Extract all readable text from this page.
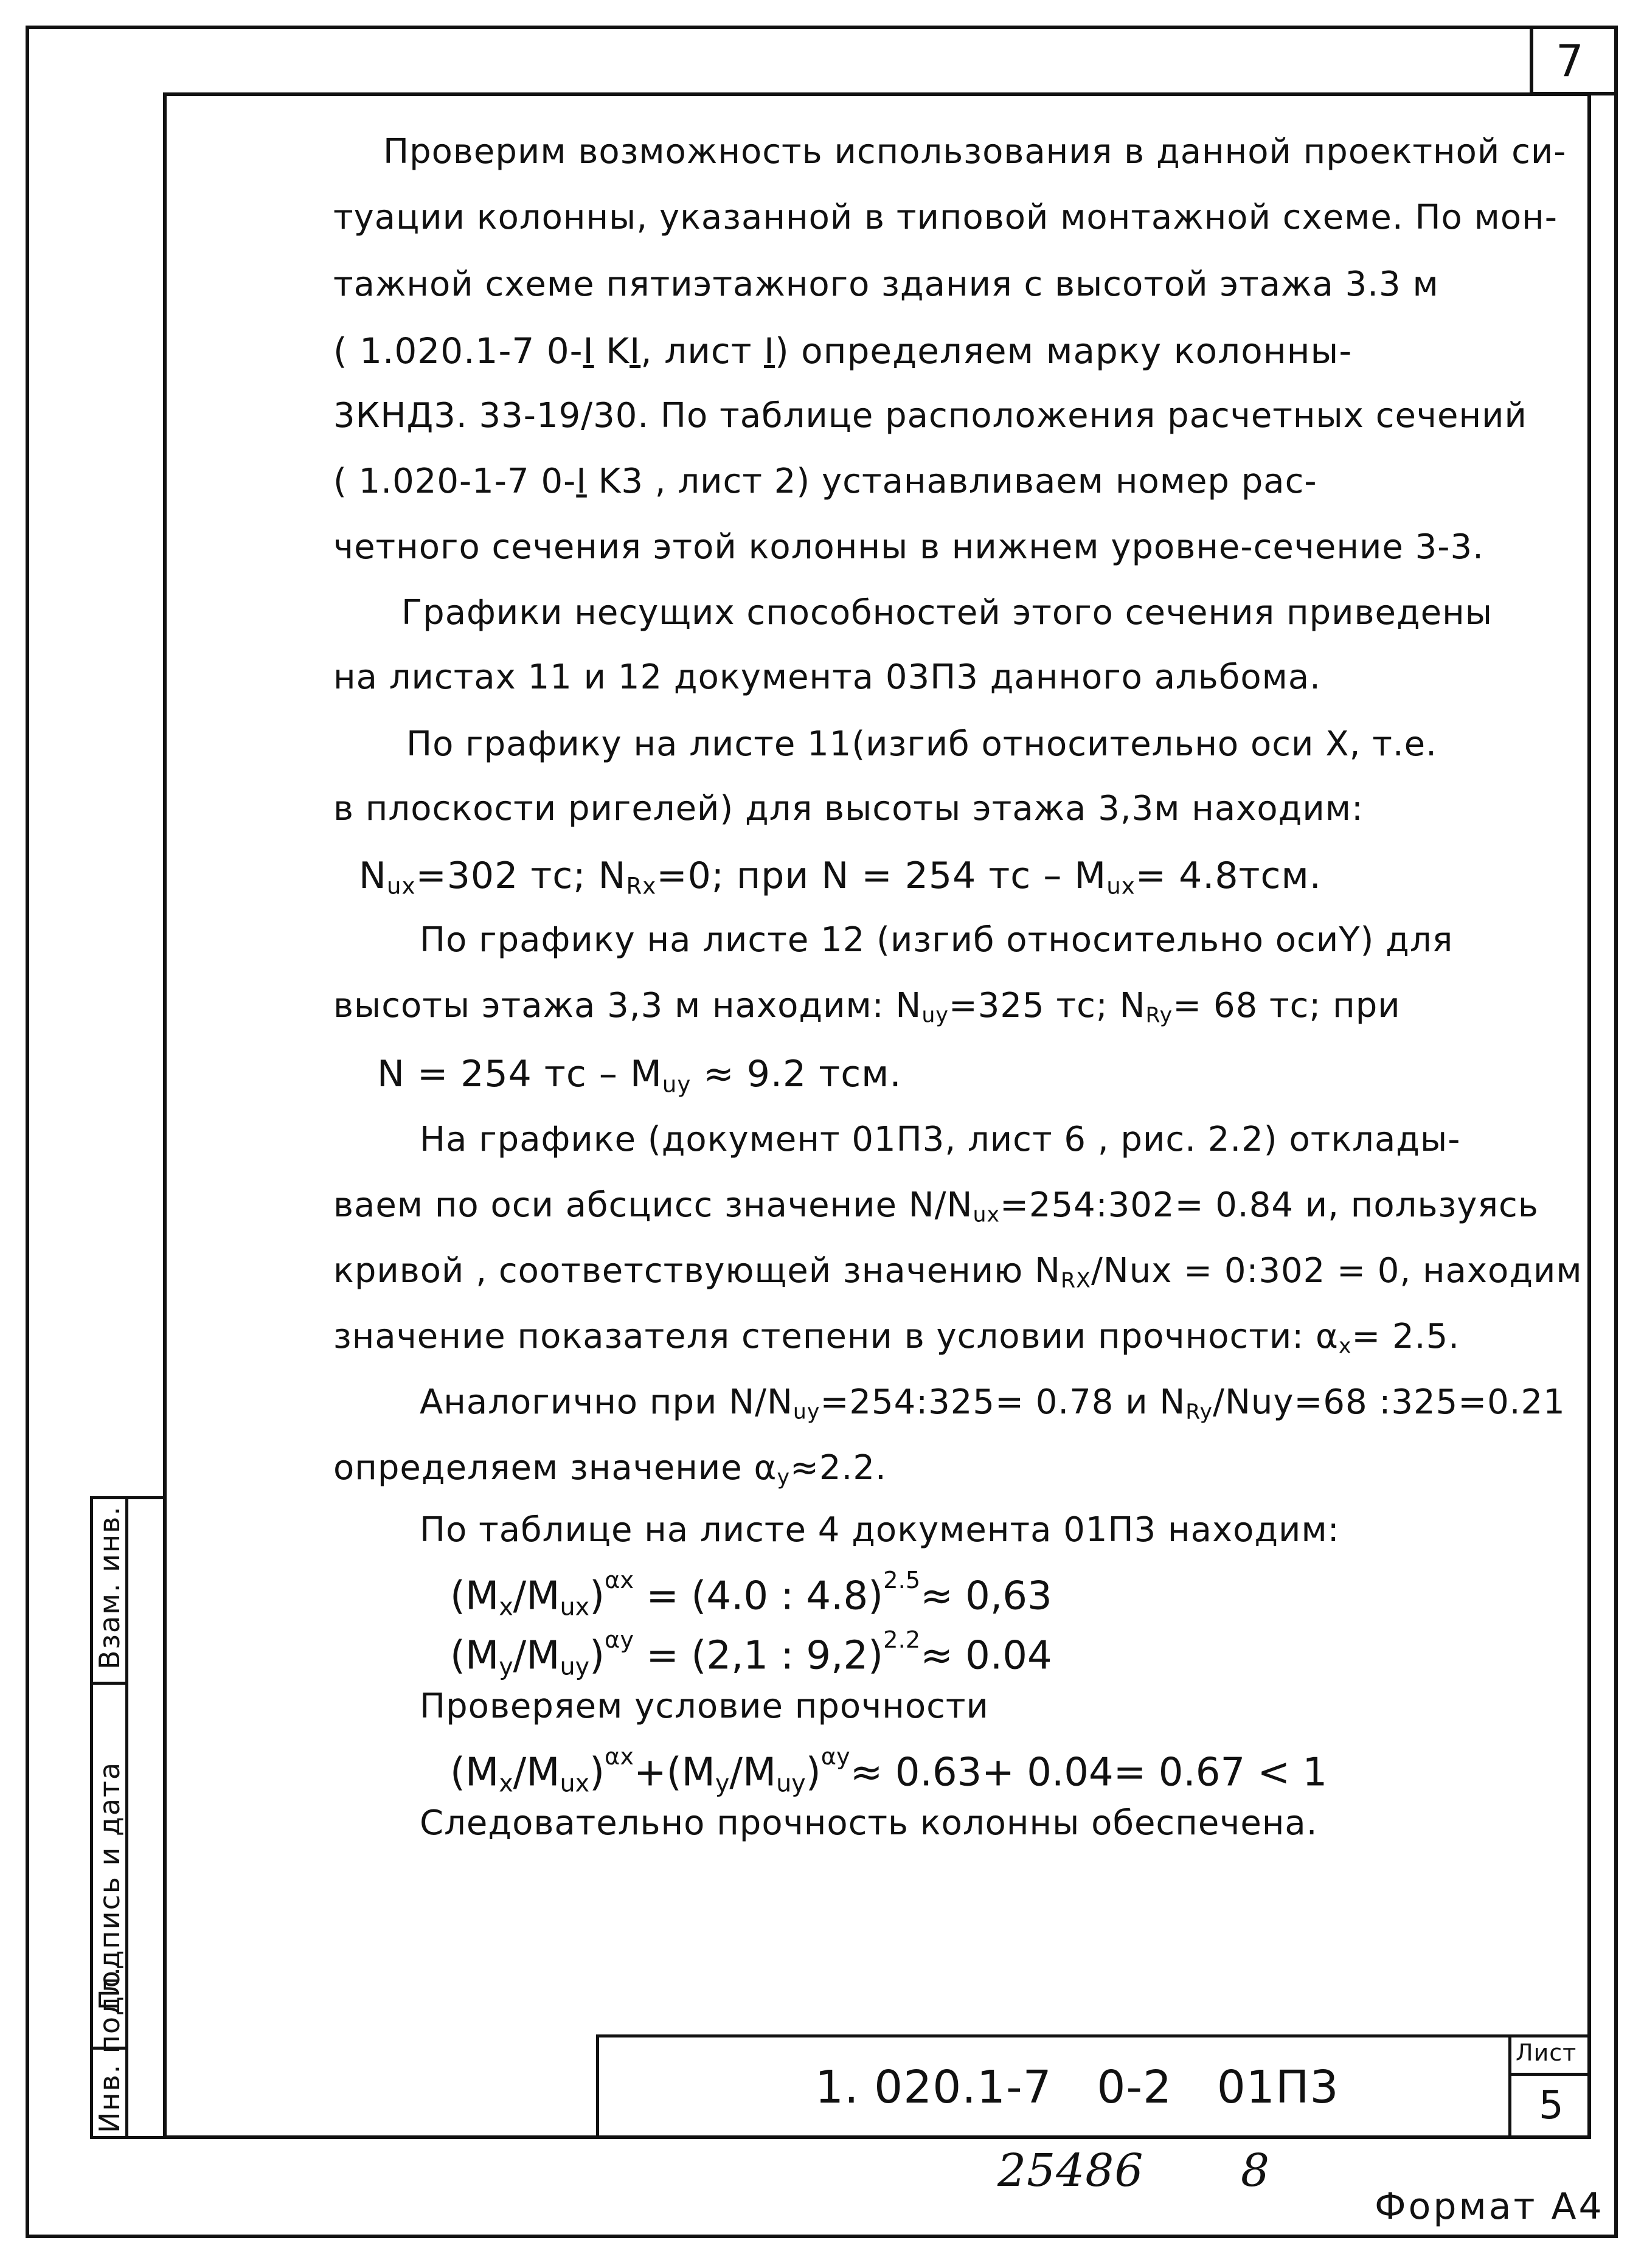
7
Проверим возможность использования в данной проектной си-
туации колонны, указанной в типовой монтажной схеме. По мон-
тажной схеме пятиэтажного здания с высотой этажа 3.3 м
( 1.020.1-7 0-I KI, лист I) определяем марку колонны-
3КНД3. 33-19/30. По таблице расположения расчетных сечений
( 1.020-1-7 0-I K3 , лист 2) устанавливаем номер рас-
четного сечения этой колонны в нижнем уровне-сечение 3-3.
Графики несущих способностей этого сечения приведены
на листах 11 и 12 документа 03П3 данного альбома.
По графику на листе 11(изгиб относительно оси X, т.е.
в плоскости ригелей) для высоты этажа 3,3м находим:
$N_{ux}=302$ тс; $N_{Rx}=0$; при N = 254 тс – $M_{ux}= 4.8тсм$.
По графику на листе 12 (изгиб относительно осиY) для
высоты этажа 3,3 м находим: $N_{uy}=325$ тс; $N_{Ry}= 68$ тс; при
N = 254 тс – $M_{uy} \approx 9.2$ тсм.
На графике (документ 01П3, лист 6 , рис. 2.2) отклады-
ваем по оси абсцисс значение $N/N_{ux}=254:302= 0.84$ и, пользуясь
кривой , соответствующей значению $N_{RX}$/Nux = 0:302 = 0, находим
значение показателя степени в условии прочности: $\alpha_x= 2.5$.
Аналогично при $N/N_{uy}=254:325= 0.78$ и $N_{Ry}/Nuy=68$ :325=0.21
определяем значение $\alpha_y\approx 2.2$.
По таблице на листе 4 документа 01П3 находим:
$(M_x/M_{ux})^{\alpha x} = (4.0$ : 4.8)$^{2.5}$≈ 0,63
$(M_y/M_{uy})^{\alpha y} = (2,1$ : 9,2)$^{2.2}$≈ 0.04
Проверяем условие прочности
$(M_x/M_{ux})^{\alpha x}+(M_y/M_{uy})^{\alpha y}\approx 0.63+ 0.04= 0.67 < 1$
Следовательно прочность колонны обеспечена.
Инв. подл.
Подпись и дата
Взам. инв.
Лист
5
1. 020.1-7   0-2   01П3
25486 8
Формат А4
